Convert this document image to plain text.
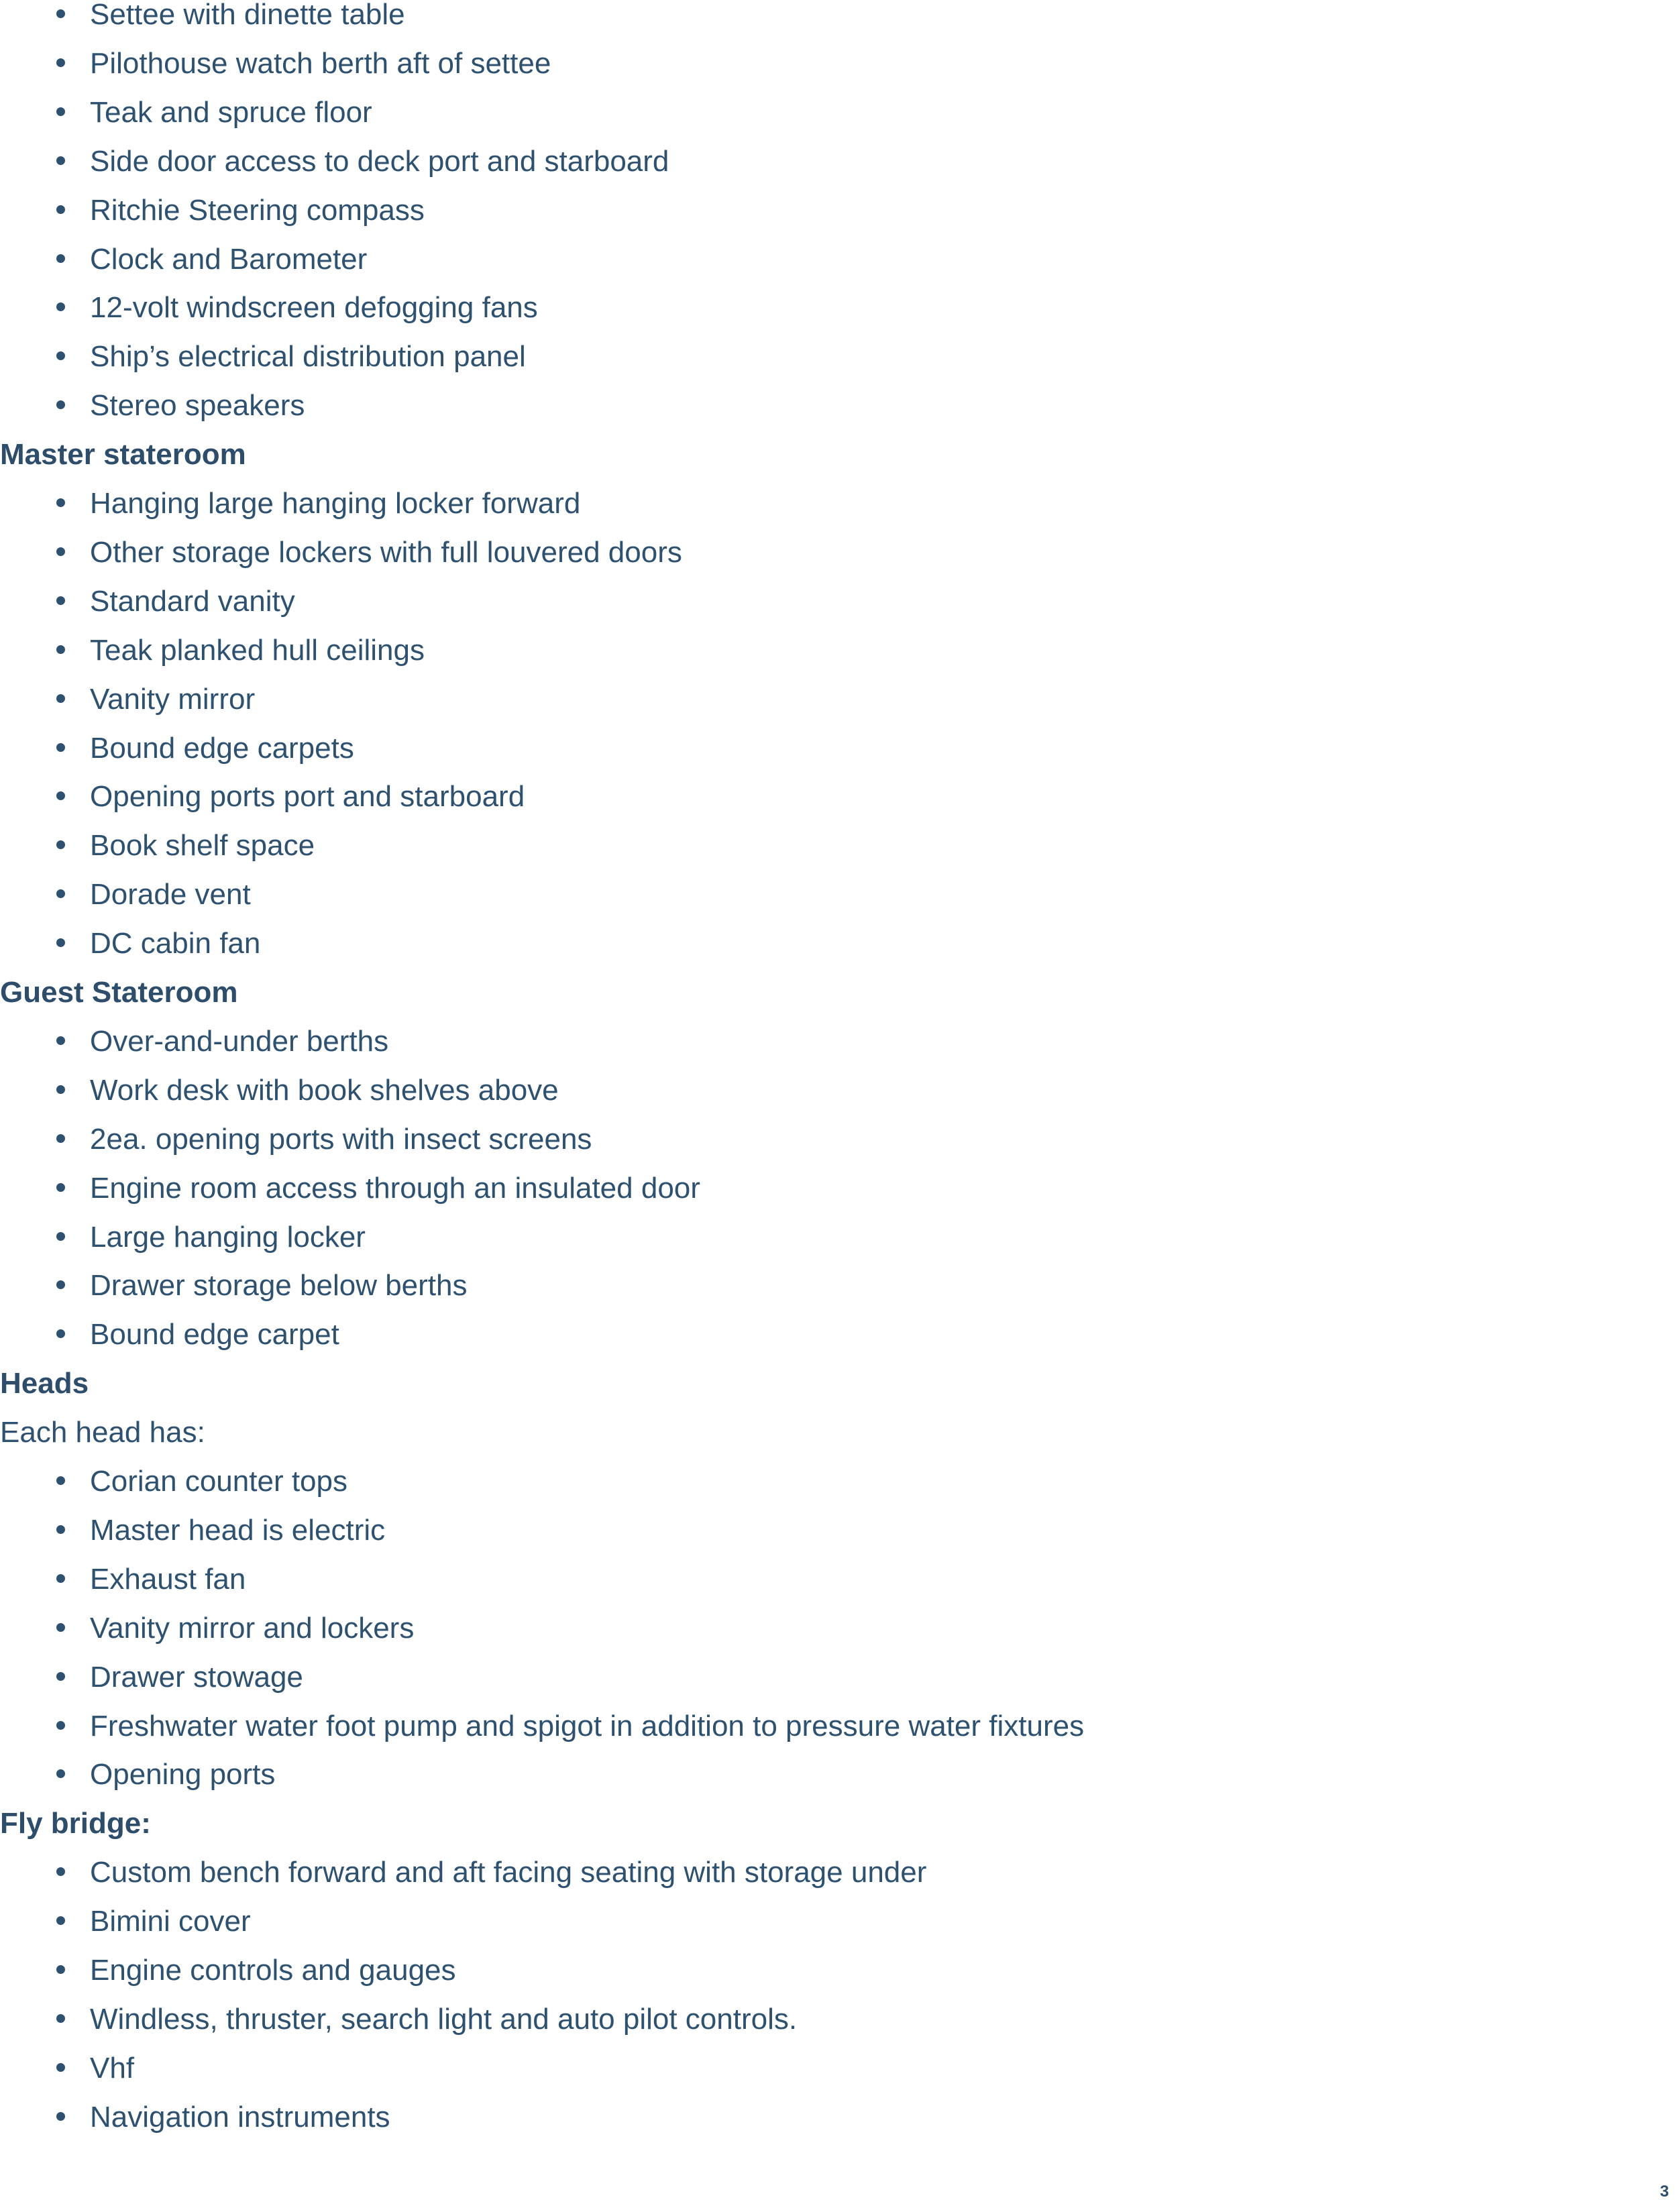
Settee with dinette table
Pilothouse watch berth aft of settee
Teak and spruce floor
Side door access to deck port and starboard
Ritchie Steering compass
Clock and Barometer
12-volt windscreen defogging fans
Ship’s electrical distribution panel
Stereo speakers
Master stateroom
Hanging large hanging locker forward
Other storage lockers with full louvered doors
Standard vanity
Teak planked hull ceilings
Vanity mirror
Bound edge carpets
Opening ports port and starboard
Book shelf space
Dorade vent
DC cabin fan
Guest Stateroom
Over-and-under berths
Work desk with book shelves above
2ea. opening ports with insect screens
Engine room access through an insulated door
Large hanging locker
Drawer storage below berths
Bound edge carpet
Heads
Each head has:
Corian counter tops
Master head is electric
Exhaust fan
Vanity mirror and lockers
Drawer stowage
Freshwater water foot pump and spigot in addition to pressure water fixtures
Opening ports
Fly bridge:
Custom bench forward and aft facing seating with storage under
Bimini cover
Engine controls and gauges
Windless, thruster, search light and auto pilot controls.
Vhf
Navigation instruments
3
